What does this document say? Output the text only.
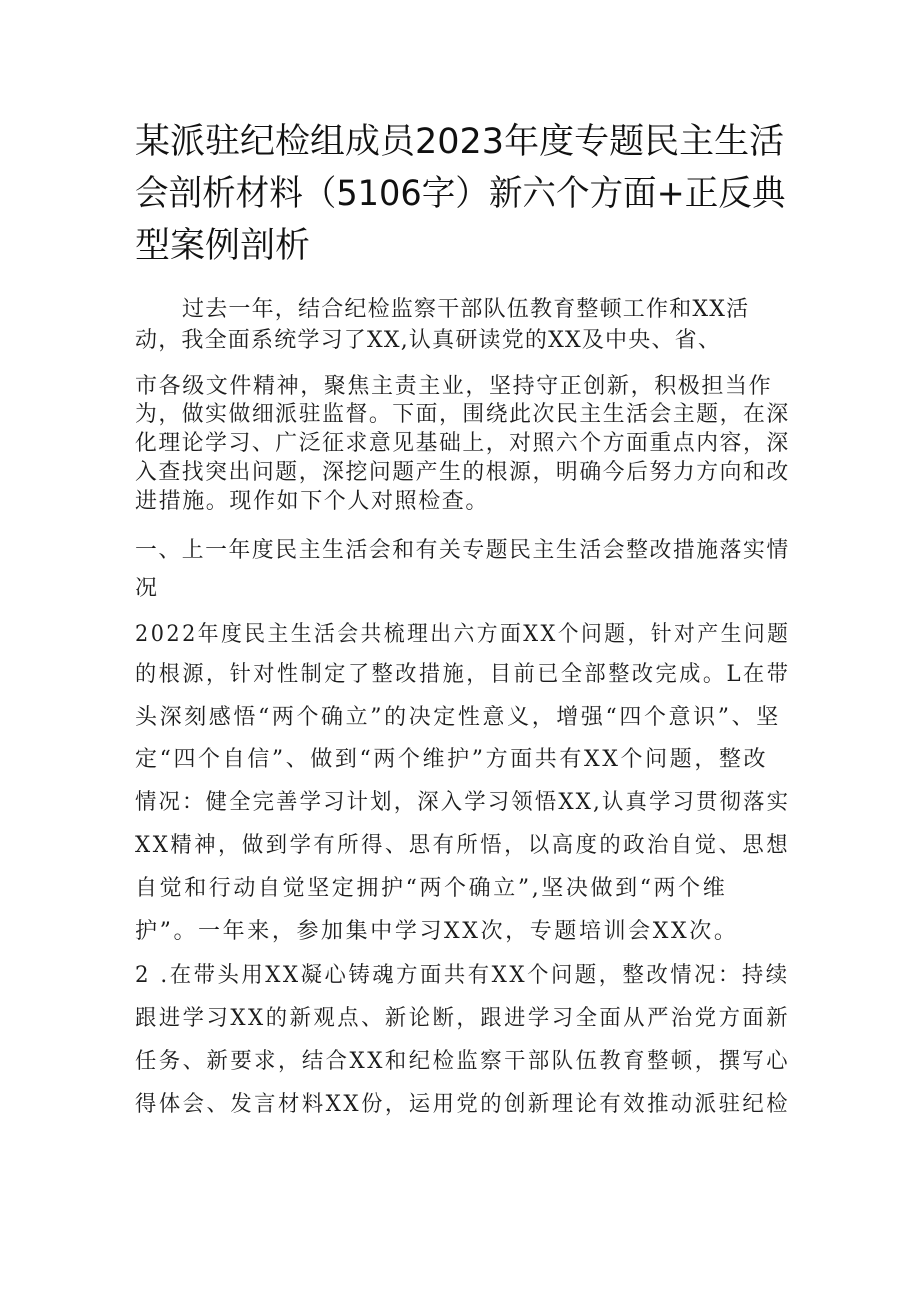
某派驻纪检组成员2023年度专题民主生活
会剖析材料（5106字）新六个方面+正反典
型案例剖析
过去一年，结合纪检监察干部队伍教育整顿工作和XX活
动，我全面系统学习了XX,认真研读党的XX及中央、省、
市各级文件精神，聚焦主责主业，坚持守正创新，积极担当作
为，做实做细派驻监督。下面，围绕此次民主生活会主题，在深
化理论学习、广泛征求意见基础上，对照六个方面重点内容，深
入查找突出问题，深挖问题产生的根源，明确今后努力方向和改
进措施。现作如下个人对照检查。
一、上一年度民主生活会和有关专题民主生活会整改措施落实情
况
2022年度民主生活会共梳理出六方面XX个问题，针对产生问题
的根源，针对性制定了整改措施，目前已全部整改完成。L在带
头深刻感悟“两个确立”的决定性意义，增强“四个意识”、坚
定“四个自信”、做到“两个维护”方面共有XX个问题，整改
情况：健全完善学习计划，深入学习领悟XX,认真学习贯彻落实
XX精神，做到学有所得、思有所悟，以高度的政治自觉、思想
自觉和行动自觉坚定拥护“两个确立”,坚决做到“两个维
护”。一年来，参加集中学习XX次，专题培训会XX次。
2 .在带头用XX凝心铸魂方面共有XX个问题，整改情况：持续
跟进学习XX的新观点、新论断，跟进学习全面从严治党方面新
任务、新要求，结合XX和纪检监察干部队伍教育整顿，撰写心
得体会、发言材料XX份，运用党的创新理论有效推动派驻纪检
